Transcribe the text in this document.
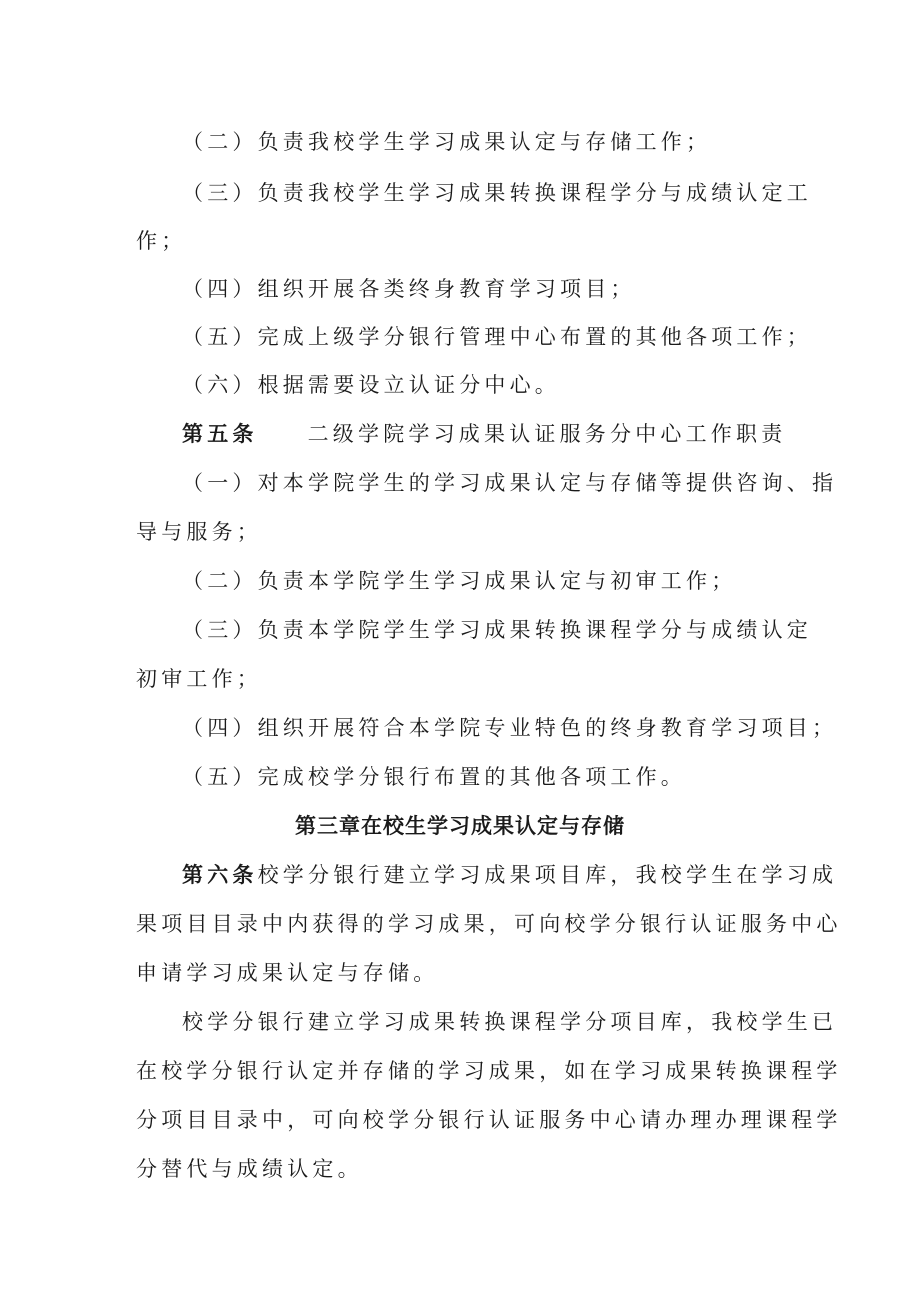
（二）负责我校学生学习成果认定与存储工作；
（三）负责我校学生学习成果转换课程学分与成绩认定工
作；
（四）组织开展各类终身教育学习项目；
（五）完成上级学分银行管理中心布置的其他各项工作；
（六）根据需要设立认证分中心。
第五条 二级学院学习成果认证服务分中心工作职责
（一）对本学院学生的学习成果认定与存储等提供咨询、指
导与服务；
（二）负责本学院学生学习成果认定与初审工作；
（三）负责本学院学生学习成果转换课程学分与成绩认定
初审工作；
（四）组织开展符合本学院专业特色的终身教育学习项目；
（五）完成校学分银行布置的其他各项工作。
第三章在校生学习成果认定与存储
第六条校学分银行建立学习成果项目库，我校学生在学习成
果项目目录中内获得的学习成果，可向校学分银行认证服务中心
申请学习成果认定与存储。
校学分银行建立学习成果转换课程学分项目库，我校学生已
在校学分银行认定并存储的学习成果，如在学习成果转换课程学
分项目目录中，可向校学分银行认证服务中心请办理办理课程学
分替代与成绩认定。
